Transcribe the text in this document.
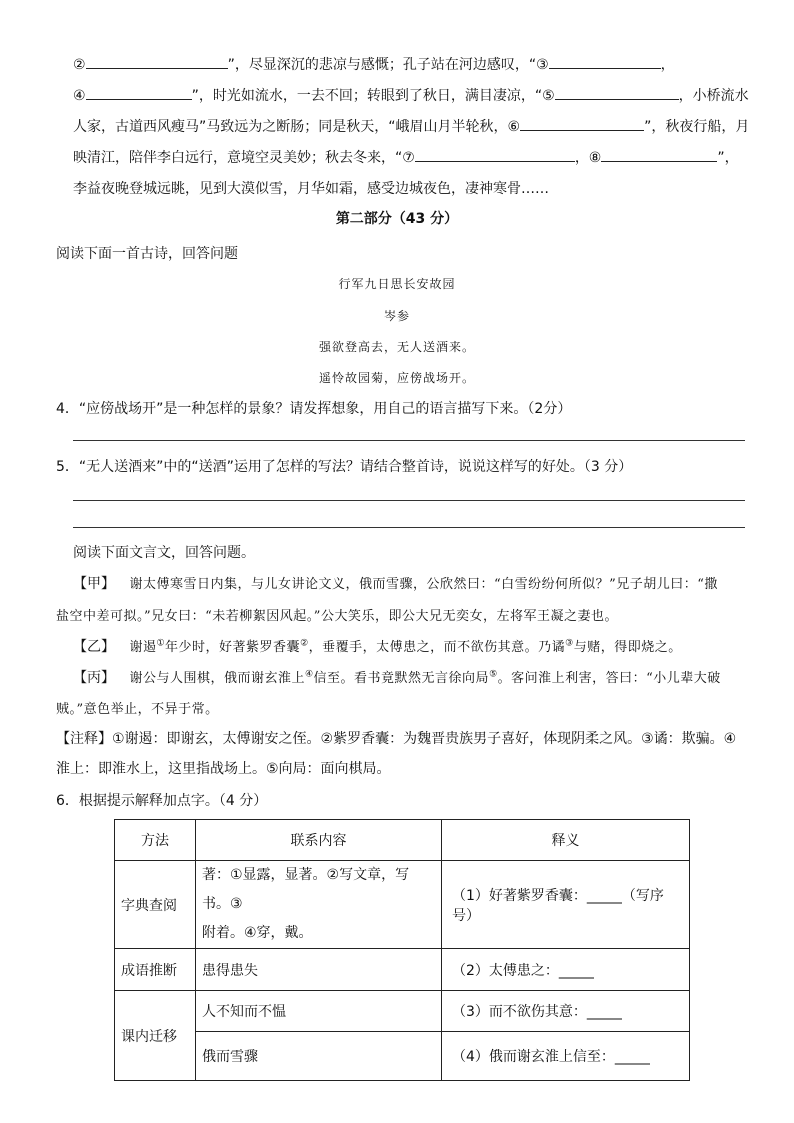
②	”，尽显深沉的悲凉与感慨；孔子站在河边感叹，“③	，
④	”，时光如流水，一去不回；转眼到了秋日，满目凄凉，“⑤	，小桥流水
人家，古道西风瘦马”马致远为之断肠；同是秋天，“峨眉山月半轮秋，⑥	”，秋夜行船，月
映清江，陪伴李白远行，意境空灵美妙；秋去冬来，“⑦	，⑧	”，
李益夜晚登城远眺，见到大漠似雪，月华如霜，感受边城夜色，凄神寒骨……
第二部分（43 分）
阅读下面一首古诗，回答问题
行军九日思长安故园
岑参
强欲登高去，无人送酒来。
遥怜故园菊，应傍战场开。
4．“应傍战场开”是一种怎样的景象？请发挥想象，用自己的语言描写下来。（2分）
5．“无人送酒来”中的“送酒”运用了怎样的写法？请结合整首诗，说说这样写的好处。（3 分）
阅读下面文言文，回答问题。
【甲】 谢太傅寒雪日内集，与儿女讲论文义，俄而雪骤，公欣然曰：“白雪纷纷何所似？”兄子胡儿曰：“撒
盐空中差可拟。”兄女曰：“未若柳絮因风起。”公大笑乐，即公大兄无奕女，左将军王凝之妻也。
【乙】 谢遏①年少时，好著紫罗香囊②，垂覆手，太傅患之，而不欲伤其意。乃谲③与赌，得即烧之。
【丙】 谢公与人围棋，俄而谢玄淮上④信至。看书竟默然无言徐向局⑤。客问淮上利害，答曰：“小儿辈大破
贼。”意色举止，不异于常。
【注释】①谢遏：即谢玄，太傅谢安之侄。②紫罗香囊：为魏晋贵族男子喜好，体现阴柔之风。③谲：欺骗。④
淮上：即淮水上，这里指战场上。⑤向局：面向棋局。
6．根据提示解释加点字。（4 分）
方法	联系内容	释义
字典查阅	著：①显露，显著。②写文章，写书。③
附着。④穿，戴。	（1）好著紫罗香囊：_____（写序号）
成语推断	患得患失	（2）太傅患之：_____
课内迁移	人不知而不愠	（3）而不欲伤其意：_____
	俄而雪骤	（4）俄而谢玄淮上信至：_____
